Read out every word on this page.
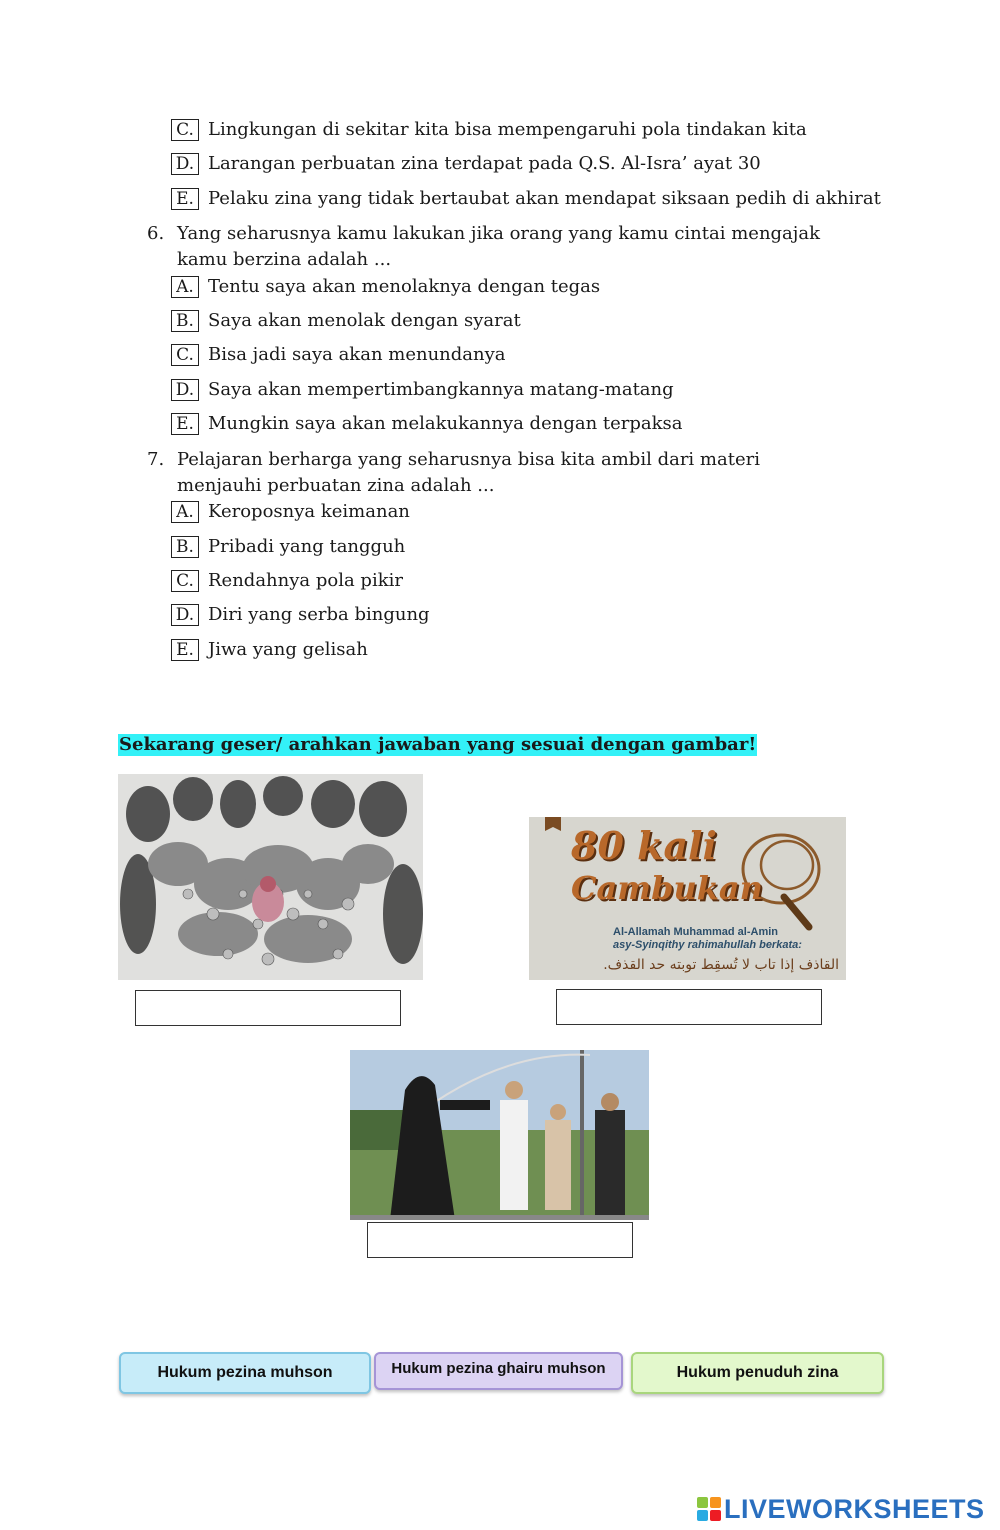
C. Lingkungan di sekitar kita bisa mempengaruhi pola tindakan kita
D. Larangan perbuatan zina terdapat pada Q.S. Al-Isra’ ayat 30
E. Pelaku zina yang tidak bertaubat akan mendapat siksaan pedih di akhirat
6. Yang seharusnya kamu lakukan jika orang yang kamu cintai mengajak kamu berzina adalah ...
A. Tentu saya akan menolaknya dengan tegas
B. Saya akan menolak dengan syarat
C. Bisa jadi saya akan menundanya
D. Saya akan mempertimbangkannya matang-matang
E. Mungkin saya akan melakukannya dengan terpaksa
7. Pelajaran berharga yang seharusnya bisa kita ambil dari materi menjauhi perbuatan zina adalah ...
A. Keroposnya keimanan
B. Pribadi yang tangguh
C. Rendahnya pola pikir
D. Diri yang serba bingung
E. Jiwa yang gelisah
Sekarang geser/ arahkan jawaban yang sesuai dengan gambar!
80 kali
Cambukan
Al-Allamah Muhammad al-Amin
asy-Syinqithy rahimahullah berkata:
القاذف إذا تاب لا تُسقِط توبته حد القذف.
Hukum pezina muhson	Hukum pezina ghairu muhson	Hukum penuduh zina
LIVEWORKSHEETS
